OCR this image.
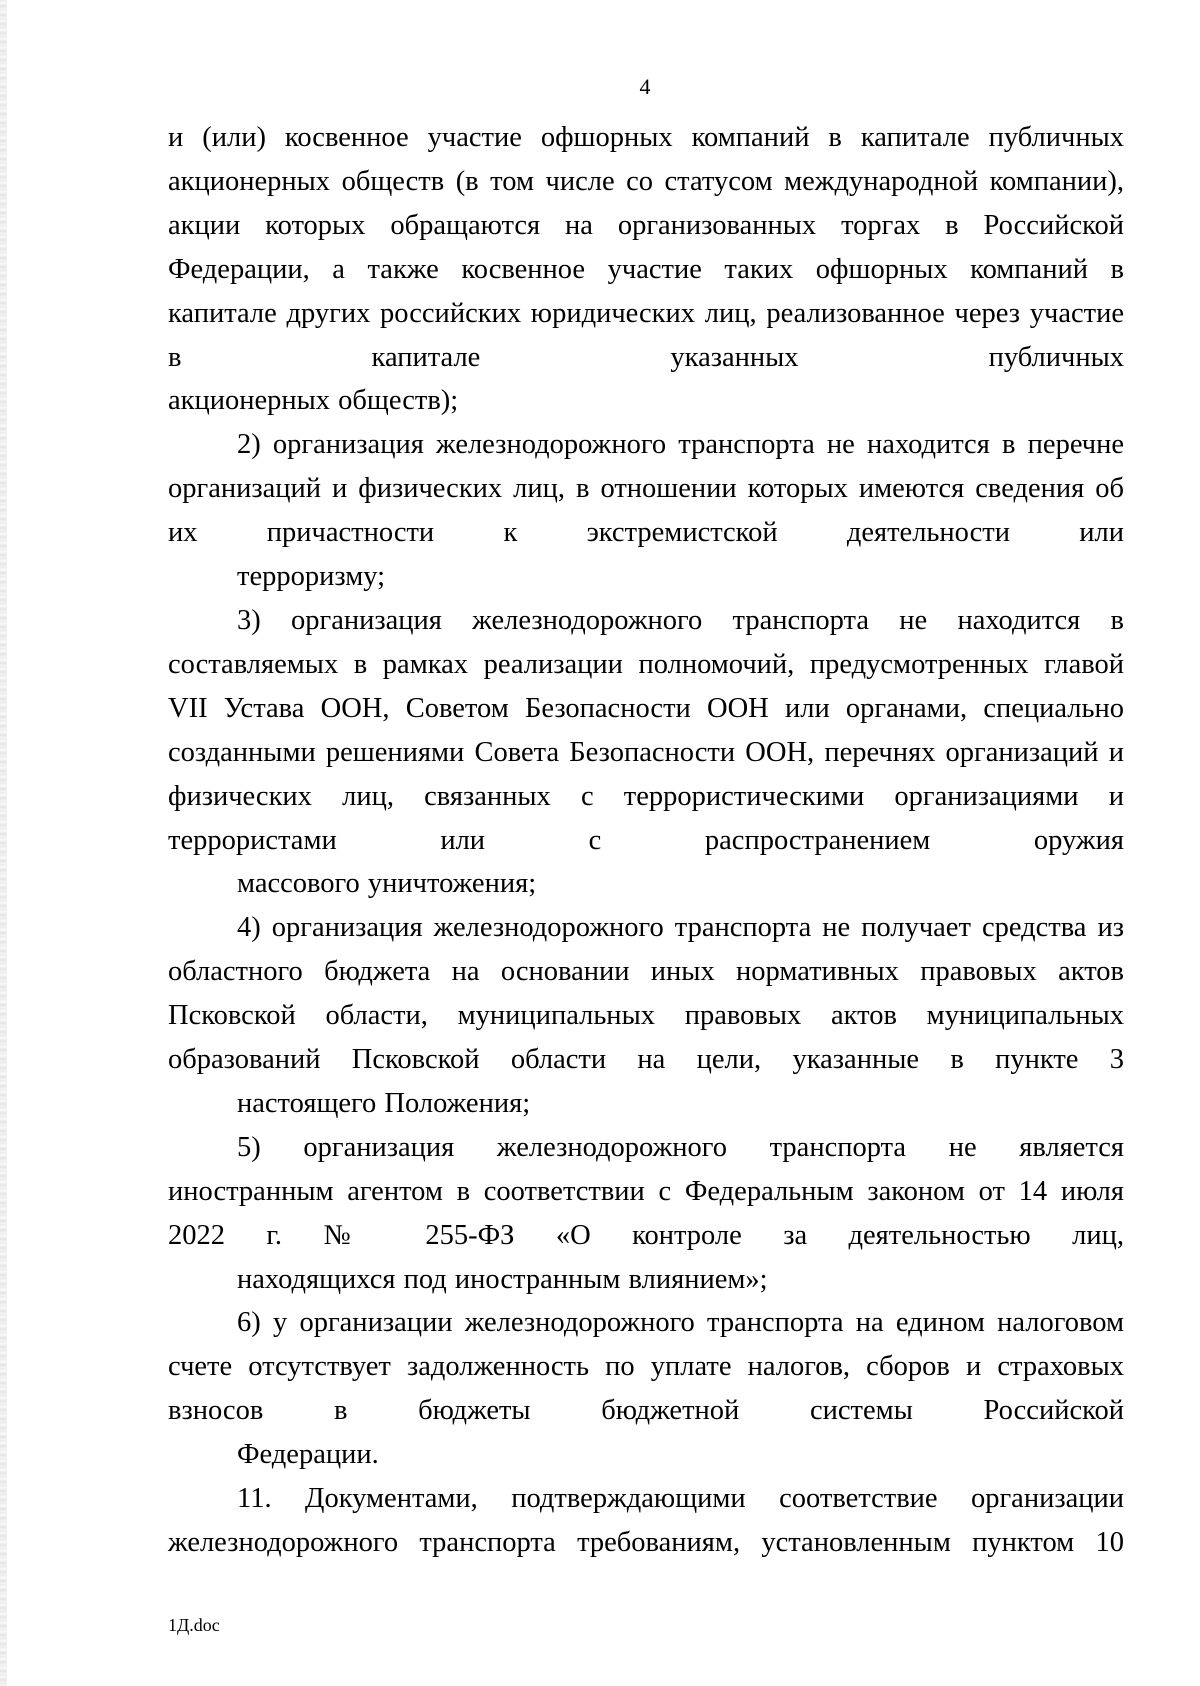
4

и (или) косвенное участие офшорных компаний в капитале публичных акционерных обществ (в том числе со статусом международной компании), акции которых обращаются на организованных торгах в Российской Федерации, а также косвенное участие таких офшорных компаний в капитале других российских юридических лиц, реализованное через участие в капитале указанных публичных
акционерных обществ);

2) организация железнодорожного транспорта не находится в перечне организаций и физических лиц, в отношении которых имеются сведения об их причастности к экстремистской деятельности или
терроризму;

3) организация железнодорожного транспорта не находится в составляемых в рамках реализации полномочий, предусмотренных главой VII Устава ООН, Советом Безопасности ООН или органами, специально созданными решениями Совета Безопасности ООН, перечнях организаций и физических лиц, связанных с террористическими организациями и террористами или с распространением оружия
массового уничтожения;

4) организация железнодорожного транспорта не получает средства из областного бюджета на основании иных нормативных правовых актов Псковской области, муниципальных правовых актов муниципальных образований Псковской области на цели, указанные в пункте 3
настоящего Положения;

5) организация железнодорожного транспорта не является иностранным агентом в соответствии с Федеральным законом от 14 июля 2022 г. № 255-ФЗ «О контроле за деятельностью лиц,
находящихся под иностранным влиянием»;

6) у организации железнодорожного транспорта на едином налоговом счете отсутствует задолженность по уплате налогов, сборов и страховых взносов в бюджеты бюджетной системы Российской
Федерации.

11. Документами, подтверждающими соответствие организации железнодорожного транспорта требованиям, установленным пунктом 10

1Д.doc
